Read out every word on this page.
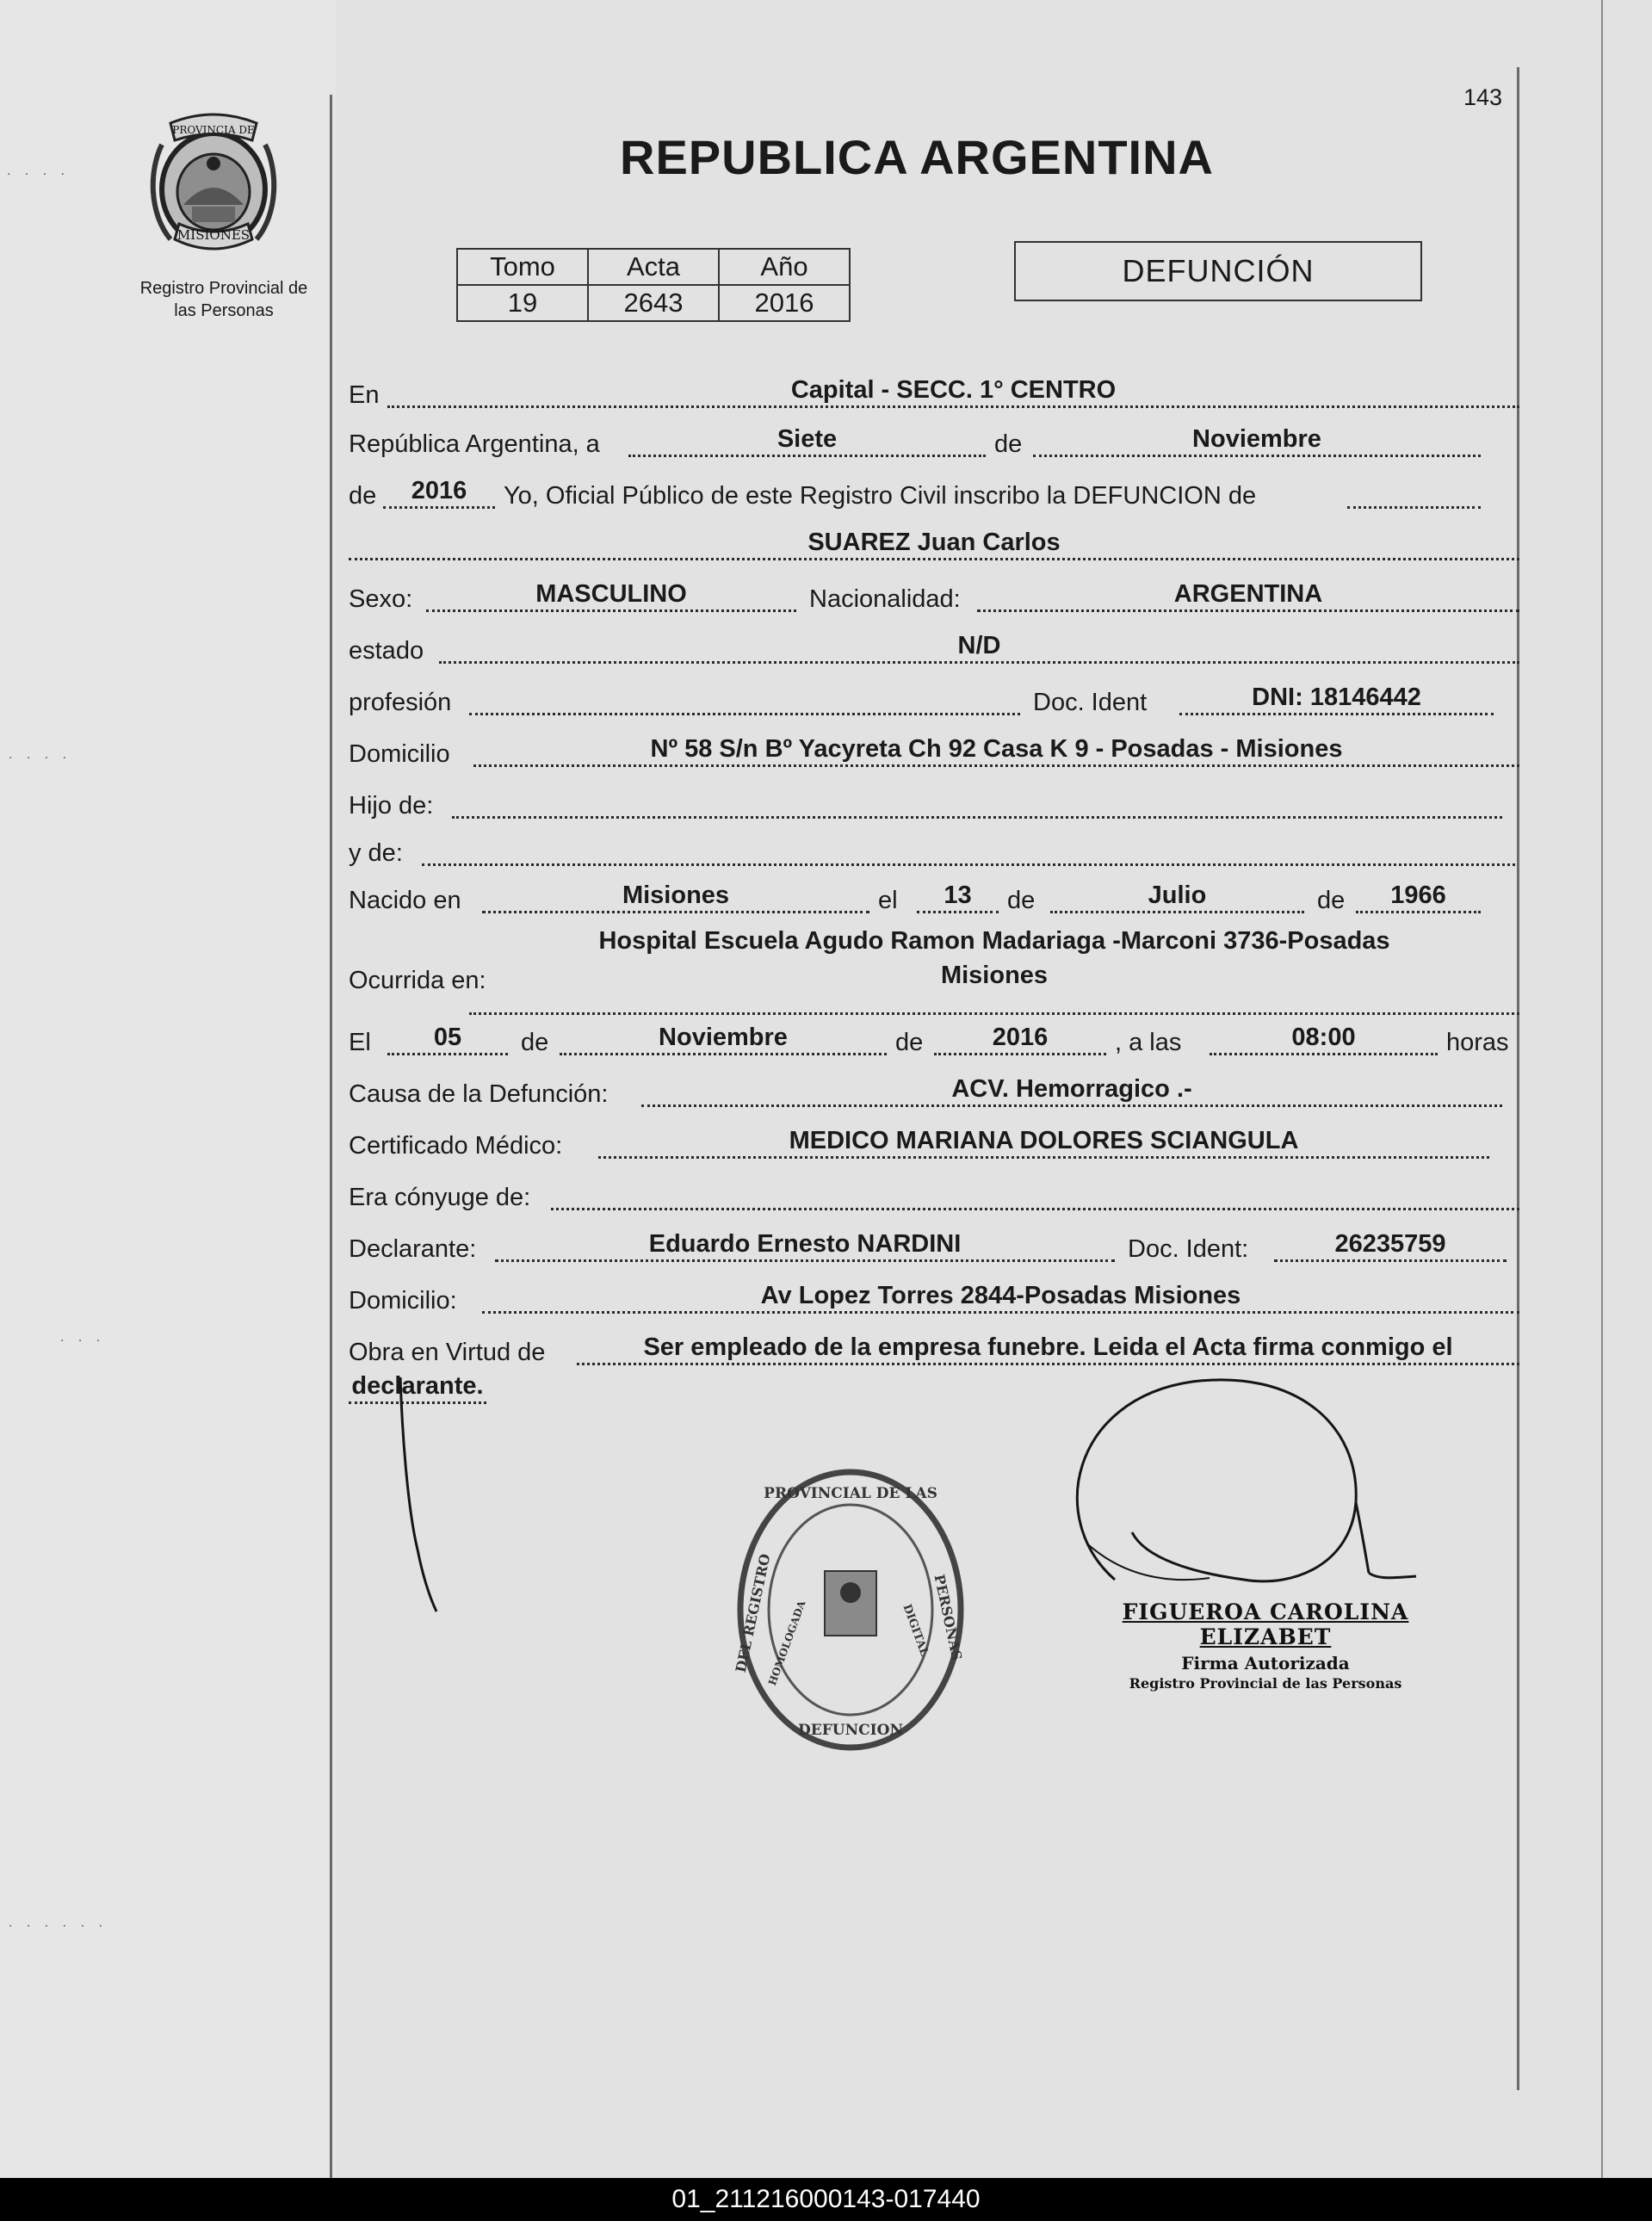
. . . .
. . . .
. . .
. . . . . .
143
PROVINCIA DE
MISIONES
Registro Provincial de
las Personas
REPUBLICA ARGENTINA
Tomo	Acta	Año
19	2643	2016
DEFUNCIÓN
En	Capital - SECC. 1° CENTRO
República Argentina, a	Siete	de	Noviembre
de	2016	Yo, Oficial Público de este Registro Civil inscribo la DEFUNCION de
SUAREZ Juan Carlos
Sexo:	MASCULINO	Nacionalidad:	ARGENTINA
estado	N/D
profesión	Doc. Ident	DNI: 18146442
Domicilio	Nº 58 S/n Bº Yacyreta Ch 92 Casa K 9 - Posadas - Misiones
Hijo de:
y de:
Nacido en	Misiones	el	13	de	Julio	de	1966
Hospital Escuela Agudo Ramon Madariaga -Marconi 3736-Posadas
Ocurrida en:	Misiones
El	05	de	Noviembre	de	2016	, a las	08:00	horas
Causa de la Defunción:	ACV. Hemorragico .-
Certificado Médico:	MEDICO MARIANA DOLORES SCIANGULA
Era cónyuge de:
Declarante:	Eduardo Ernesto NARDINI	Doc. Ident:	26235759
Domicilio:	Av Lopez Torres 2844-Posadas Misiones
Obra en Virtud de	Ser empleado de la empresa funebre. Leida el Acta firma conmigo el
declarante.
PROVINCIAL DE LAS
DEL REGISTRO	PERSONAS
DEFUNCION
DIGITAL
HOMOLOGADA	FIGUEROA CAROLINA ELIZABET
Firma Autorizada
Registro Provincial de las Personas
01_211216000143-017440
